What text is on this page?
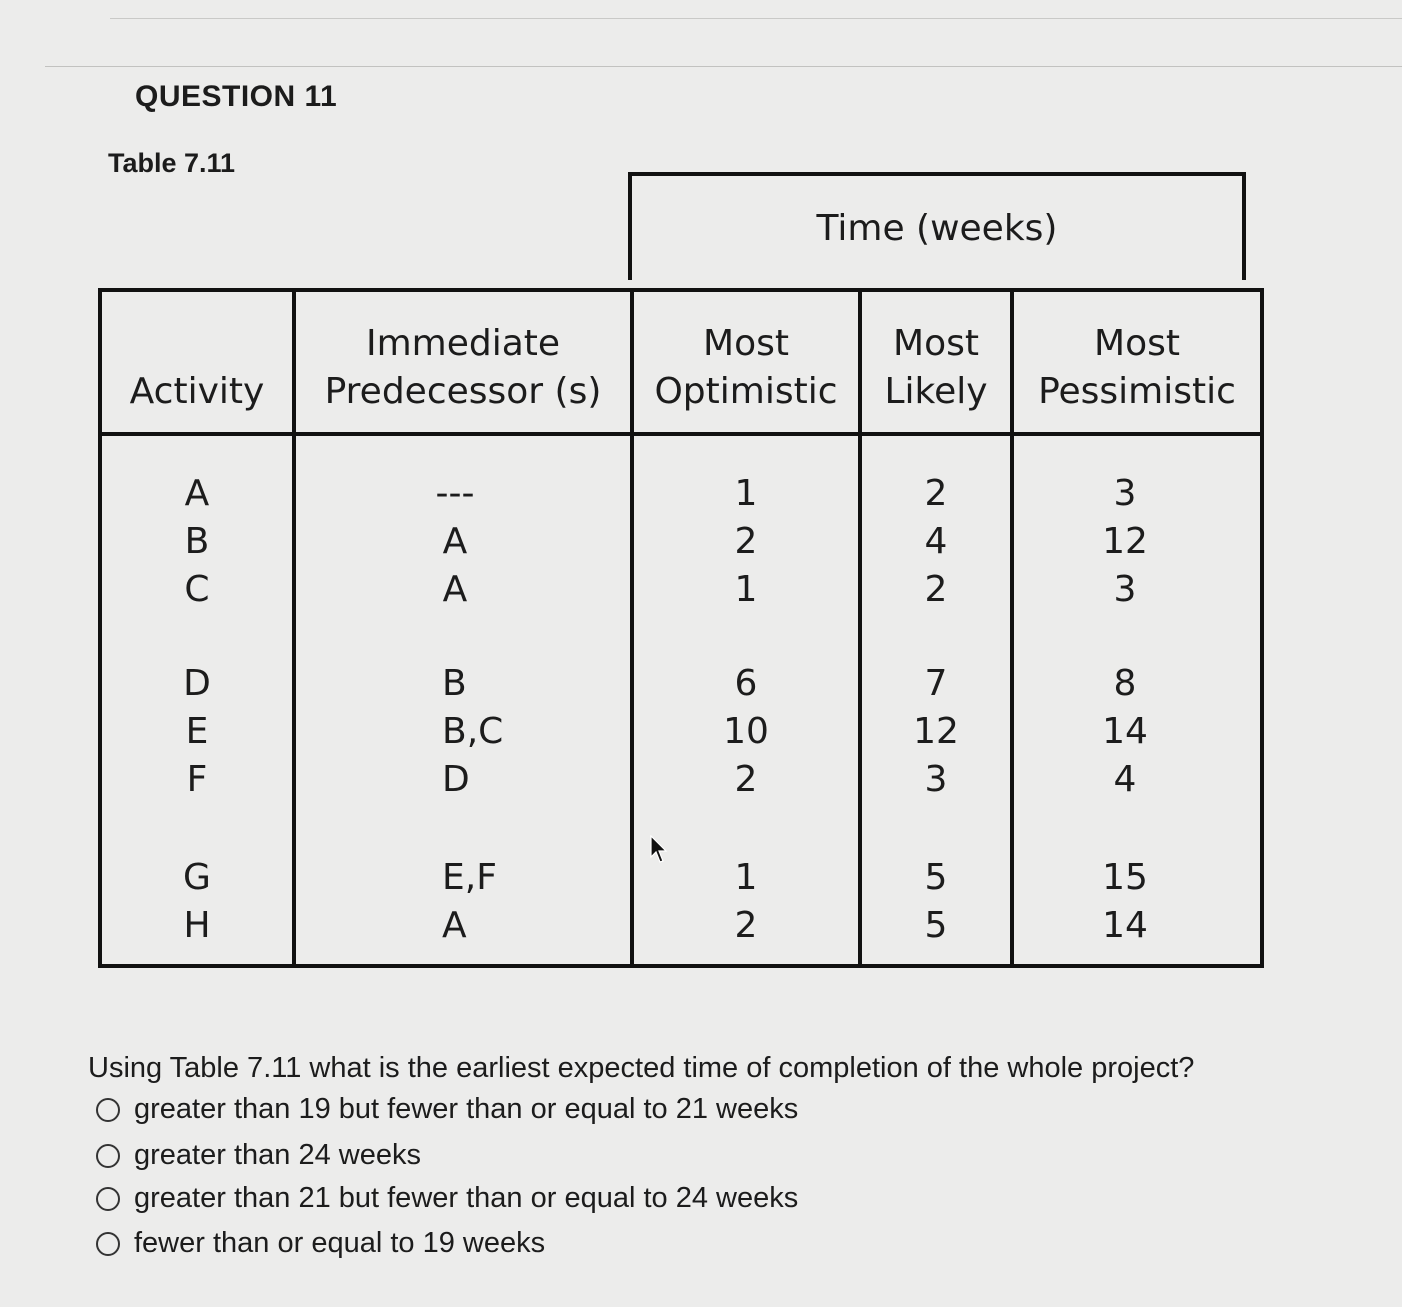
QUESTION 11
Table 7.11
Time (weeks)
Activity
Immediate
Predecessor (s)
Most
Optimistic
Most
Likely
Most
Pessimistic
A
B
C
---
A
A
1
2
1
2
4
2
3
12
3
D
E
F
B
B,C
D
6
10
2
7
12
3
8
14
4
G
H
E,F
A
1
2
5
5
15
14
Using Table 7.11 what is the earliest expected time of completion of the whole project?
greater than 19 but fewer than or equal to 21 weeks
greater than 24 weeks
greater than 21 but fewer than or equal to 24 weeks
fewer than or equal to 19 weeks
